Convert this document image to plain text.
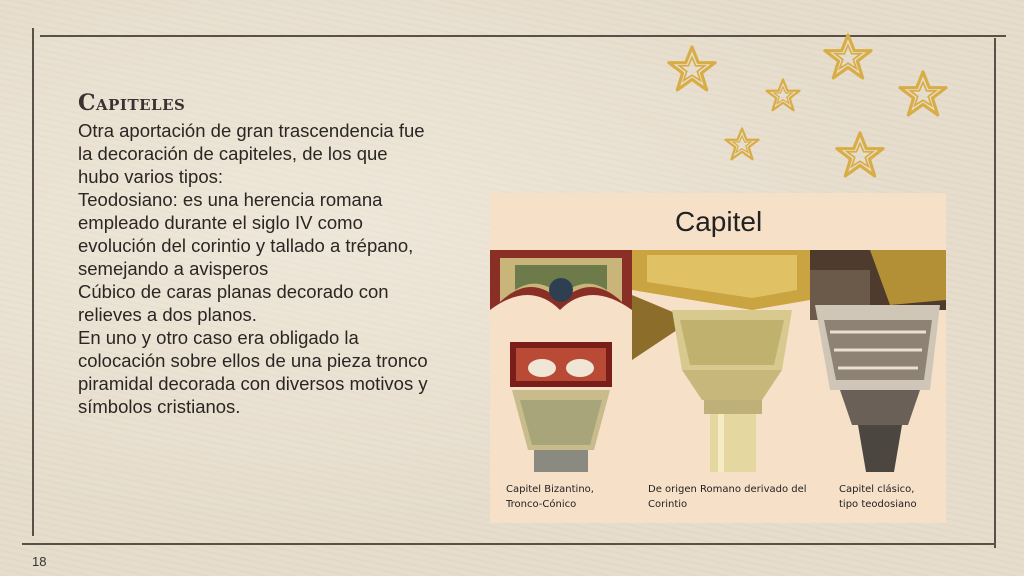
Capiteles

Otra aportación de gran trascendencia fue la decoración de capiteles, de los que hubo varios tipos:

Teodosiano: es una herencia romana empleado durante el siglo IV como evolución del corintio y tallado a trépano, semejando a avisperos

Cúbico de caras planas decorado con relieves a dos planos.

En uno y otro caso era obligado la colocación sobre ellos de una pieza tronco piramidal decorada con diversos motivos y símbolos cristianos.

Capitel
Capitel Bizantino,
Tronco-Cónico
De origen Romano derivado del
Corintio
Capitel clásico,
tipo teodosiano
18
